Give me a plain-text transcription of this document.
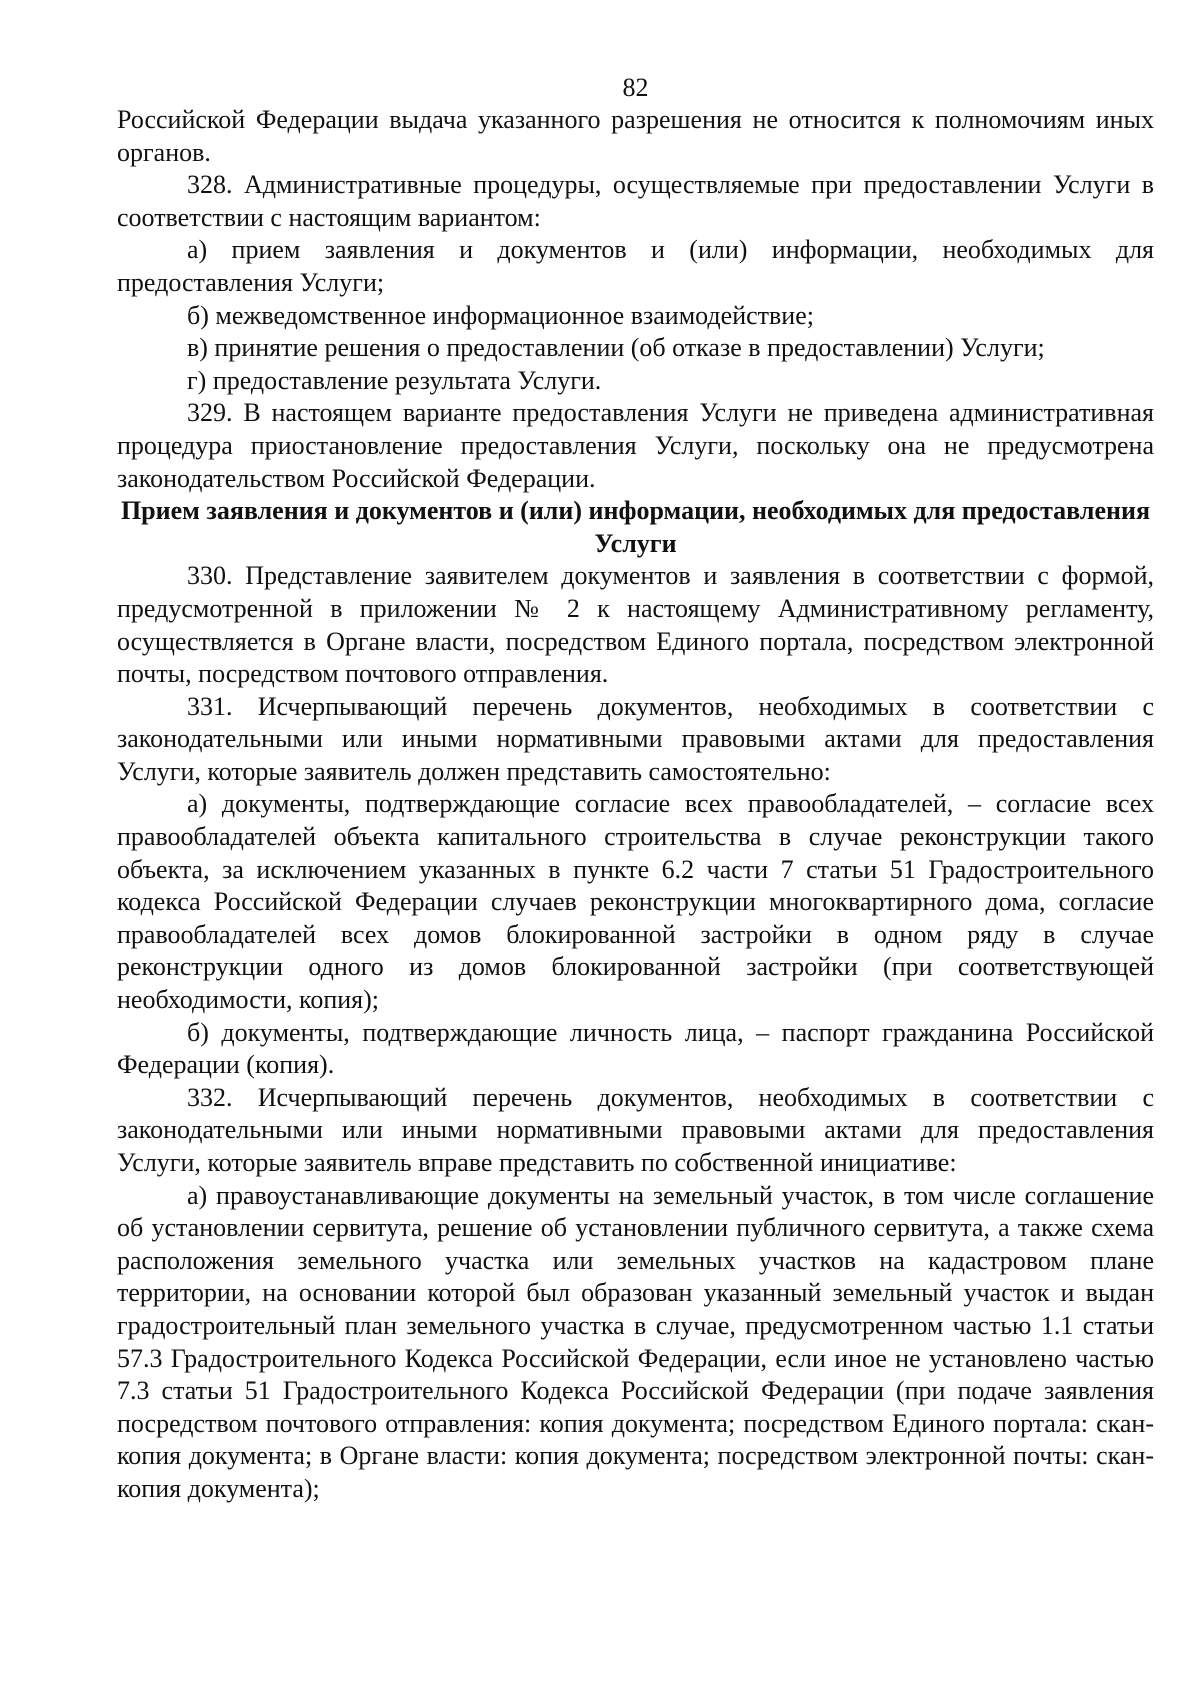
82

Российской Федерации выдача указанного разрешения не относится к полномочиям иных органов.

328. Административные процедуры, осуществляемые при предоставлении Услуги в соответствии с настоящим вариантом:

а) прием заявления и документов и (или) информации, необходимых для предоставления Услуги;

б) межведомственное информационное взаимодействие;

в) принятие решения о предоставлении (об отказе в предоставлении) Услуги;

г) предоставление результата Услуги.

329. В настоящем варианте предоставления Услуги не приведена административная процедура приостановление предоставления Услуги, поскольку она не предусмотрена законодательством Российской Федерации.

Прием заявления и документов и (или) информации, необходимых для предоставления Услуги

330. Представление заявителем документов и заявления в соответствии с формой, предусмотренной в приложении № 2 к настоящему Административному регламенту, осуществляется в Органе власти, посредством Единого портала, посредством электронной почты, посредством почтового отправления.

331. Исчерпывающий перечень документов, необходимых в соответствии с законодательными или иными нормативными правовыми актами для предоставления Услуги, которые заявитель должен представить самостоятельно:

а) документы, подтверждающие согласие всех правообладателей, – согласие всех правообладателей объекта капитального строительства в случае реконструкции такого объекта, за исключением указанных в пункте 6.2 части 7 статьи 51 Градостроительного кодекса Российской Федерации случаев реконструкции многоквартирного дома, согласие правообладателей всех домов блокированной застройки в одном ряду в случае реконструкции одного из домов блокированной застройки (при соответствующей необходимости, копия);

б) документы, подтверждающие личность лица, – паспорт гражданина Российской Федерации (копия).

332. Исчерпывающий перечень документов, необходимых в соответствии с законодательными или иными нормативными правовыми актами для предоставления Услуги, которые заявитель вправе представить по собственной инициативе:

а) правоустанавливающие документы на земельный участок, в том числе соглашение об установлении сервитута, решение об установлении публичного сервитута, а также схема расположения земельного участка или земельных участков на кадастровом плане территории, на основании которой был образован указанный земельный участок и выдан градостроительный план земельного участка в случае, предусмотренном частью 1.1 статьи 57.3 Градостроительного Кодекса Российской Федерации, если иное не установлено частью 7.3 статьи 51 Градостроительного Кодекса Российской Федерации (при подаче заявления посредством почтового отправления: копия документа; посредством Единого портала: скан-копия документа; в Органе власти: копия документа; посредством электронной почты: скан-копия документа);
